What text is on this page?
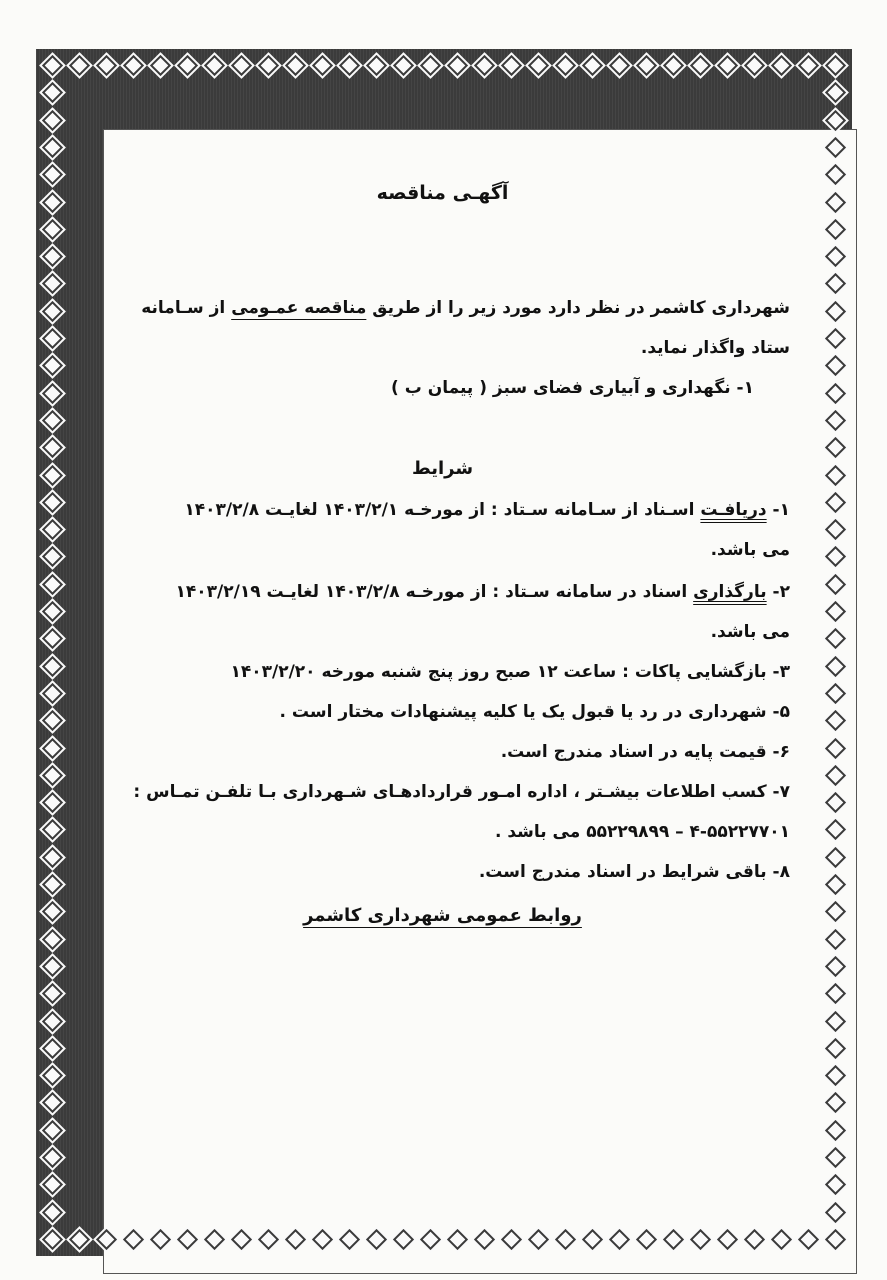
آگهـی مناقصه
شهرداری کاشمر در نظر دارد مورد زیر را از طریق مناقصه عمـومی از سـامانه
ستاد واگذار نماید.
۱- نگهداری و آبیاری فضای سبز ( پیمان ب )
شرایط
۱- دریافـت اسـناد از سـامانه سـتاد : از مورخـه ۱۴۰۳/۲/۱ لغایـت ۱۴۰۳/۲/۸
می باشد.
۲- بارگذاری اسناد در سامانه سـتاد : از مورخـه ۱۴۰۳/۲/۸ لغایـت ۱۴۰۳/۲/۱۹
می باشد.
۳- بازگشایی پاکات : ساعت ۱۲ صبح روز پنج شنبه مورخه ۱۴۰۳/۲/۲۰
۵- شهرداری در رد یا قبول یک یا کلیه پیشنهادات مختار است .
۶- قیمت پایه در اسناد مندرج است.
۷- کسب اطلاعات بیشـتر ، اداره امـور قراردادهـای شـهرداری بـا تلفـن تمـاس :
۴-۵۵۲۲۷۷۰۱ – ۵۵۲۲۹۸۹۹ می باشد .
۸- باقی شرایط در اسناد مندرج است.
روابط عمومی شهرداری کاشمر
